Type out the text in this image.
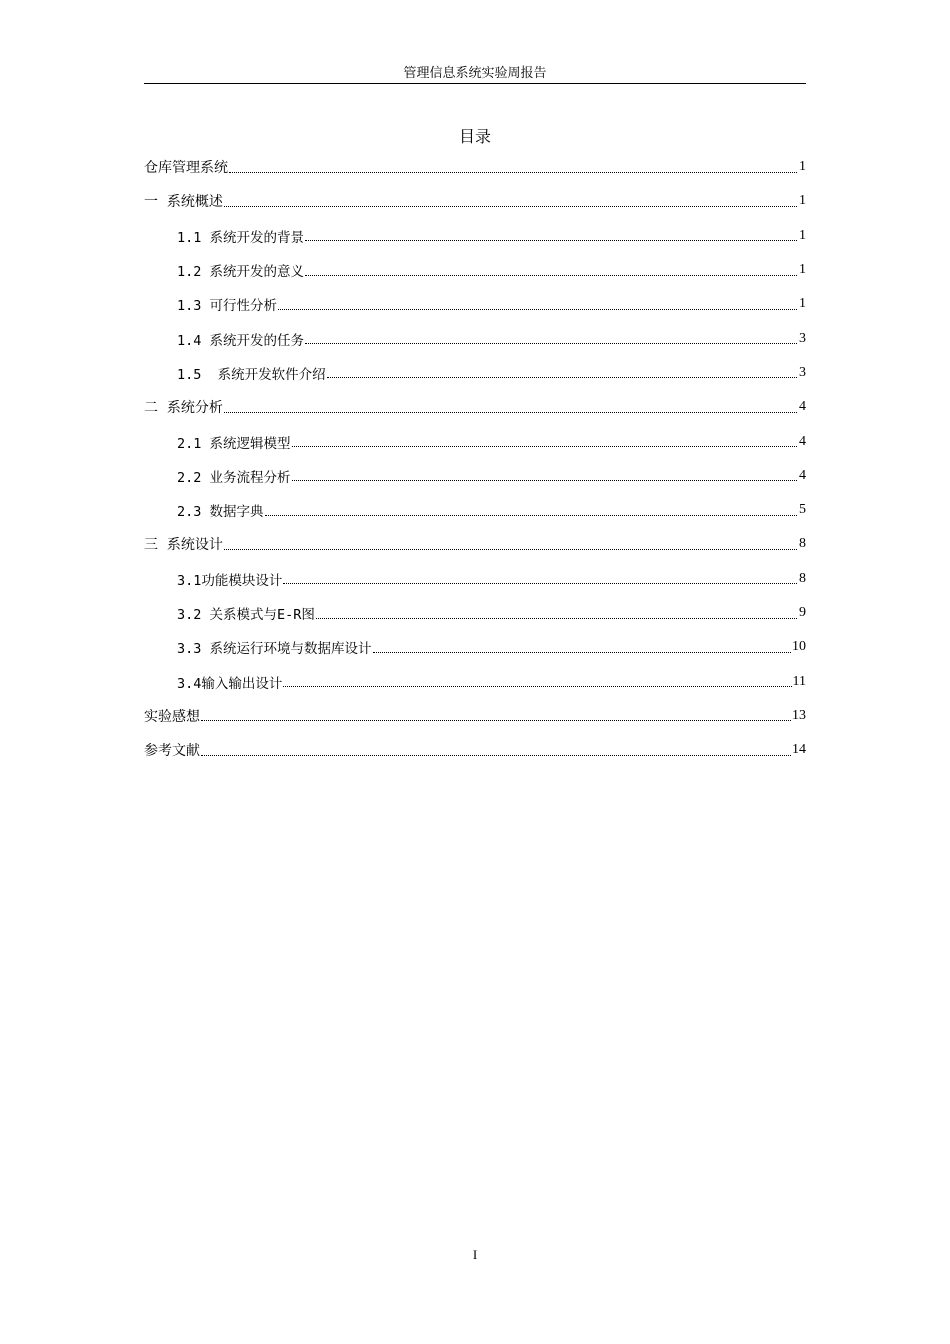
管理信息系统实验周报告
目录
仓库管理系统	1
一  系统概述	1
1.1 系统开发的背景	1
1.2 系统开发的意义	1
1.3 可行性分析	1
1.4 系统开发的任务	3
1.5  系统开发软件介绍	3
二  系统分析	4
2.1 系统逻辑模型	4
2.2 业务流程分析	4
2.3 数据字典	5
三  系统设计	8
3.1功能模块设计	8
3.2 关系模式与E-R图	9
3.3 系统运行环境与数据库设计	10
3.4输入输出设计	11
实验感想	13
参考文献	14
I
